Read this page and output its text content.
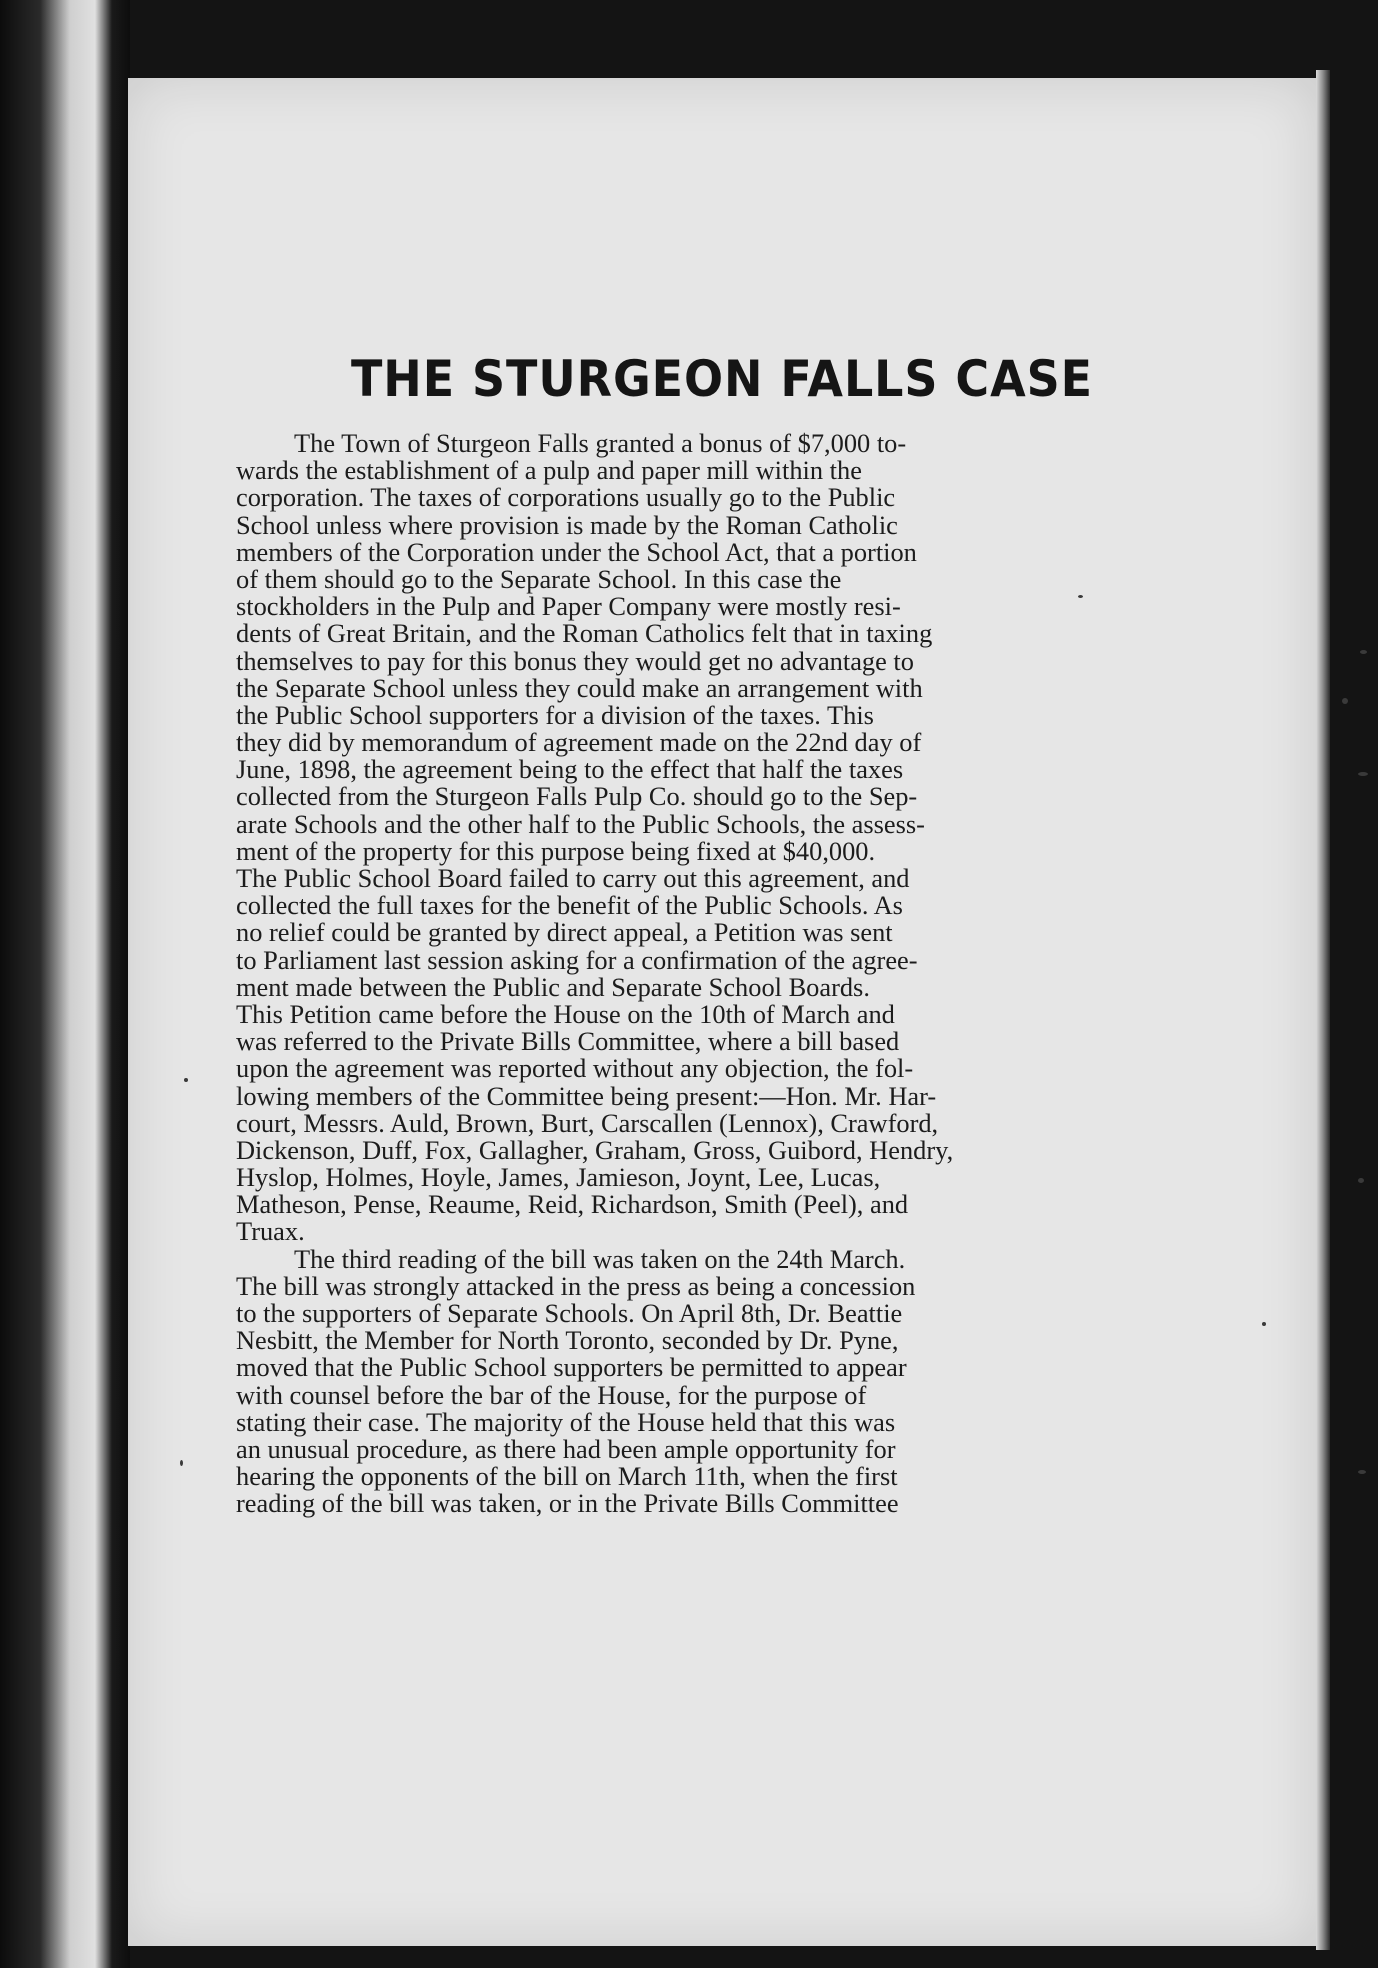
THE STURGEON FALLS CASE
The Town of Sturgeon Falls granted a bonus of $7,000 to-
wards the establishment of a pulp and paper mill within the
corporation. The taxes of corporations usually go to the Public
School unless where provision is made by the Roman Catholic
members of the Corporation under the School Act, that a portion
of them should go to the Separate School. In this case the
stockholders in the Pulp and Paper Company were mostly resi-
dents of Great Britain, and the Roman Catholics felt that in taxing
themselves to pay for this bonus they would get no advantage to
the Separate School unless they could make an arrangement with
the Public School supporters for a division of the taxes. This
they did by memorandum of agreement made on the 22nd day of
June, 1898, the agreement being to the effect that half the taxes
collected from the Sturgeon Falls Pulp Co. should go to the Sep-
arate Schools and the other half to the Public Schools, the assess-
ment of the property for this purpose being fixed at $40,000.
The Public School Board failed to carry out this agreement, and
collected the full taxes for the benefit of the Public Schools. As
no relief could be granted by direct appeal, a Petition was sent
to Parliament last session asking for a confirmation of the agree-
ment made between the Public and Separate School Boards.
This Petition came before the House on the 10th of March and
was referred to the Private Bills Committee, where a bill based
upon the agreement was reported without any objection, the fol-
lowing members of the Committee being present:—Hon. Mr. Har-
court, Messrs. Auld, Brown, Burt, Carscallen (Lennox), Crawford,
Dickenson, Duff, Fox, Gallagher, Graham, Gross, Guibord, Hendry,
Hyslop, Holmes, Hoyle, James, Jamieson, Joynt, Lee, Lucas,
Matheson, Pense, Reaume, Reid, Richardson, Smith (Peel), and
Truax.
The third reading of the bill was taken on the 24th March.
The bill was strongly attacked in the press as being a concession
to the supporters of Separate Schools. On April 8th, Dr. Beattie
Nesbitt, the Member for North Toronto, seconded by Dr. Pyne,
moved that the Public School supporters be permitted to appear
with counsel before the bar of the House, for the purpose of
stating their case. The majority of the House held that this was
an unusual procedure, as there had been ample opportunity for
hearing the opponents of the bill on March 11th, when the first
reading of the bill was taken, or in the Private Bills Committee
